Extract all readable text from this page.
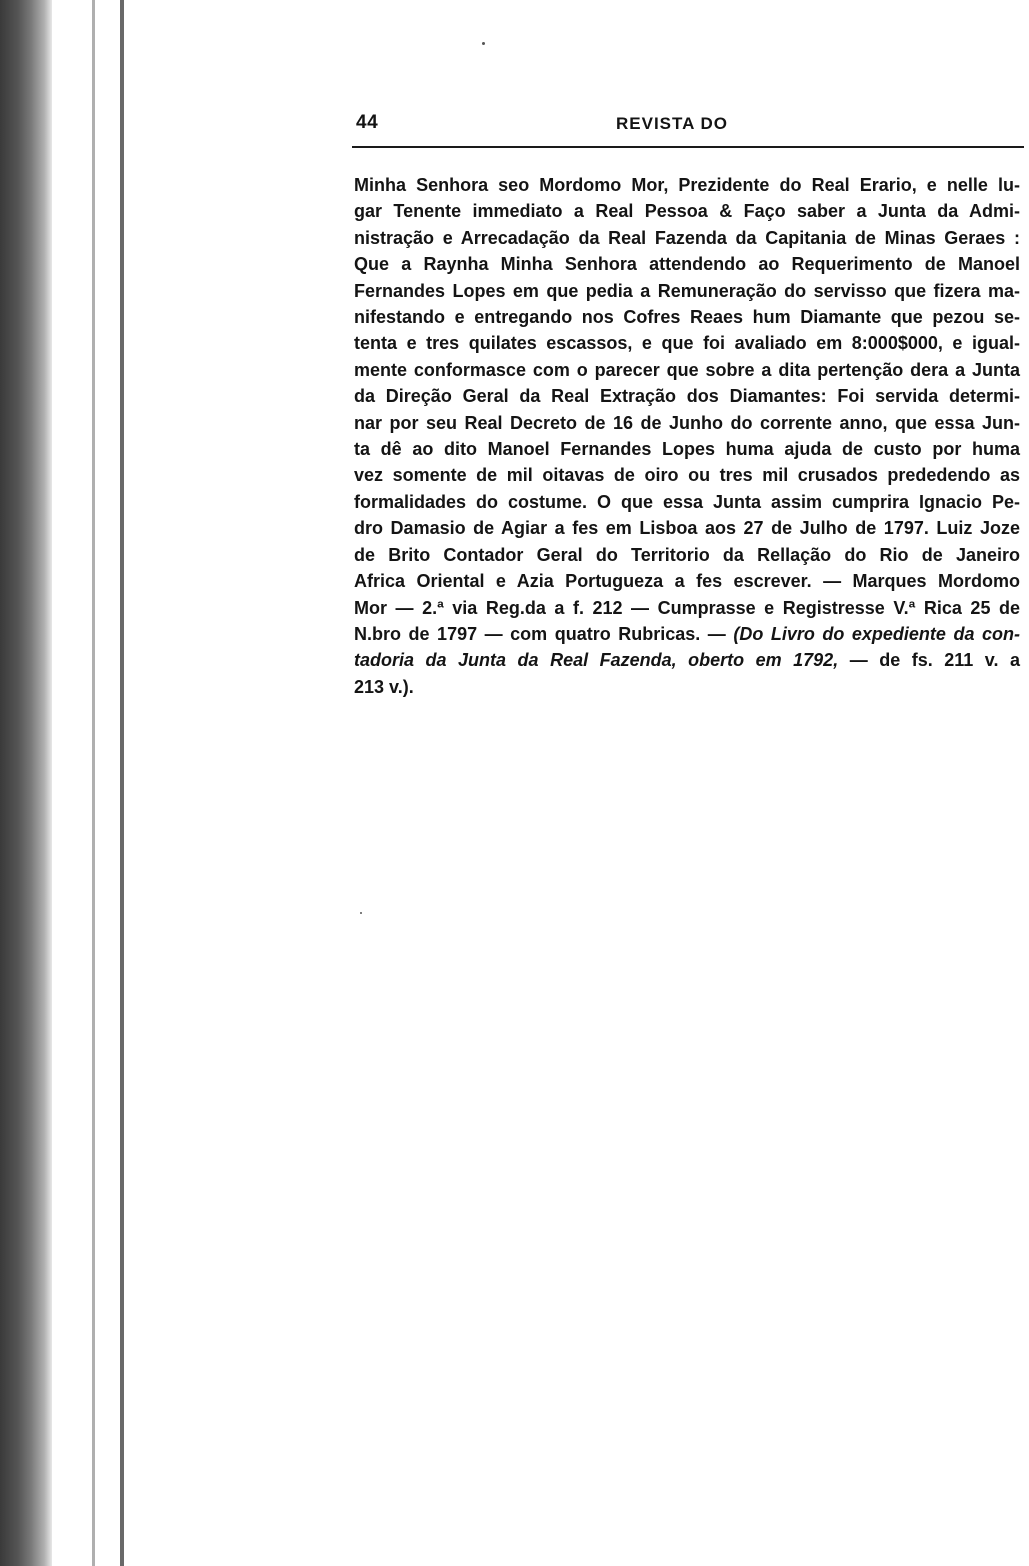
44	REVISTA DO

Minha Senhora seo Mordomo Mor, Prezidente do Real Erario, e nelle lu-
gar Tenente immediato a Real Pessoa & Faço saber a Junta da Admi-
nistração e Arrecadação da Real Fazenda da Capitania de Minas Geraes :
Que a Raynha Minha Senhora attendendo ao Requerimento de Manoel
Fernandes Lopes em que pedia a Remuneração do servisso que fizera ma-
nifestando e entregando nos Cofres Reaes hum Diamante que pezou se-
tenta e tres quilates escassos, e que foi avaliado em 8:000$000, e igual-
mente conformasce com o parecer que sobre a dita pertenção dera a Junta
da Direção Geral da Real Extração dos Diamantes: Foi servida determi-
nar por seu Real Decreto de 16 de Junho do corrente anno, que essa Jun-
ta dê ao dito Manoel Fernandes Lopes huma ajuda de custo por huma
vez somente de mil oitavas de oiro ou tres mil crusados prededendo as
formalidades do costume. O que essa Junta assim cumprira Ignacio Pe-
dro Damasio de Agiar a fes em Lisboa aos 27 de Julho de 1797. Luiz Joze
de Brito Contador Geral do Territorio da Rellação do Rio de Janeiro
Africa Oriental e Azia Portugueza a fes escrever. — Marques Mordomo
Mor — 2.ª via Reg.da a f. 212 — Cumprasse e Registresse V.ª Rica 25 de
N.bro de 1797 — com quatro Rubricas. — (Do Livro do expediente da con-
tadoria da Junta da Real Fazenda, oberto em 1792, — de fs. 211 v. a
213 v.).
